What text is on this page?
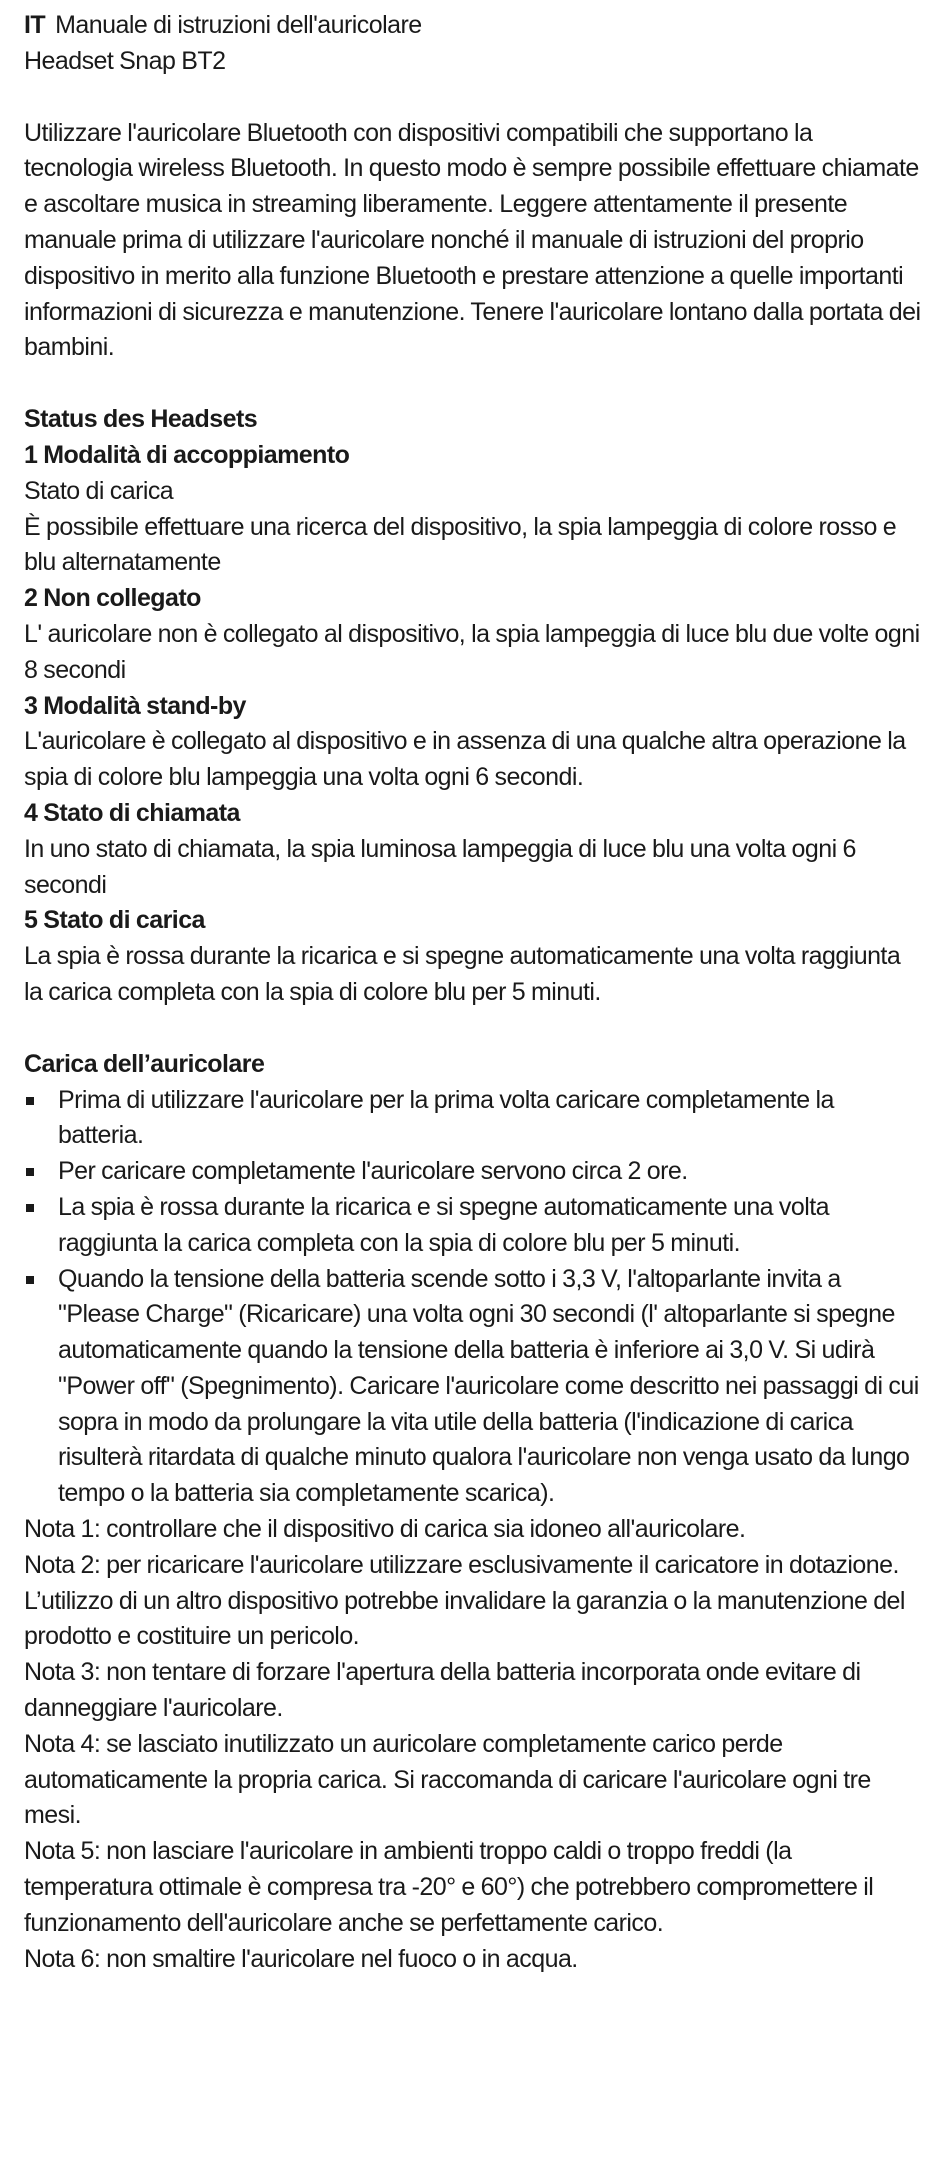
IT Manuale di istruzioni dell'auricolare
Headset Snap BT2
Utilizzare l'auricolare Bluetooth con dispositivi compatibili che supportano la tecnologia wireless Bluetooth. In questo modo è sempre possibile effettuare chiamate e ascoltare musica in streaming liberamente. Leggere attentamente il presente manuale prima di utilizzare l'auricolare nonché il manuale di istruzioni del proprio dispositivo in merito alla funzione Bluetooth e prestare attenzione a quelle importanti informazioni di sicurezza e manutenzione. Tenere l'auricolare lontano dalla portata dei bambini.
Status des Headsets
1 Modalità di accoppiamento
Stato di carica
È possibile effettuare una ricerca del dispositivo, la spia lampeggia di colore rosso e blu alternatamente
2 Non collegato
L' auricolare non è collegato al dispositivo, la spia lampeggia di luce blu due volte ogni 8 secondi
3 Modalità stand-by
L'auricolare è collegato al dispositivo e in assenza di una qualche altra operazione la spia di colore blu lampeggia una volta ogni 6 secondi.
4 Stato di chiamata
In uno stato di chiamata, la spia luminosa lampeggia di luce blu una volta ogni 6 secondi
5 Stato di carica
La spia è rossa durante la ricarica e si spegne automaticamente una volta raggiunta la carica completa con la spia di colore blu per 5 minuti.
Carica dell’auricolare
Prima di utilizzare l'auricolare per la prima volta caricare completamente la batteria.
Per caricare completamente l'auricolare servono circa 2 ore.
La spia è rossa durante la ricarica e si spegne automaticamente una volta raggiunta la carica completa con la spia di colore blu per 5 minuti.
Quando la tensione della batteria scende sotto i 3,3 V, l'altoparlante invita a "Please Charge" (Ricaricare) una volta ogni 30 secondi (l' altoparlante si spegne automaticamente quando la tensione della batteria è inferiore ai 3,0 V. Si udirà "Power off" (Spegnimento). Caricare l'auricolare come descritto nei passaggi di cui sopra in modo da prolungare la vita utile della batteria (l'indicazione di carica risulterà ritardata di qualche minuto qualora l'auricolare non venga usato da lungo tempo o la batteria sia completamente scarica).
Nota 1: controllare che il dispositivo di carica sia idoneo all'auricolare.
Nota 2: per ricaricare l'auricolare utilizzare esclusivamente il caricatore in dotazione. L’utilizzo di un altro dispositivo potrebbe invalidare la garanzia o la manutenzione del prodotto e costituire un pericolo.
Nota 3: non tentare di forzare l'apertura della batteria incorporata onde evitare di danneggiare l'auricolare.
Nota 4: se lasciato inutilizzato un auricolare completamente carico perde automaticamente la propria carica. Si raccomanda di caricare l'auricolare ogni tre mesi.
Nota 5: non lasciare l'auricolare in ambienti troppo caldi o troppo freddi (la temperatura ottimale è compresa tra -20° e 60°) che potrebbero compromettere il funzionamento dell'auricolare anche se perfettamente carico.
Nota 6: non smaltire l'auricolare nel fuoco o in acqua.
